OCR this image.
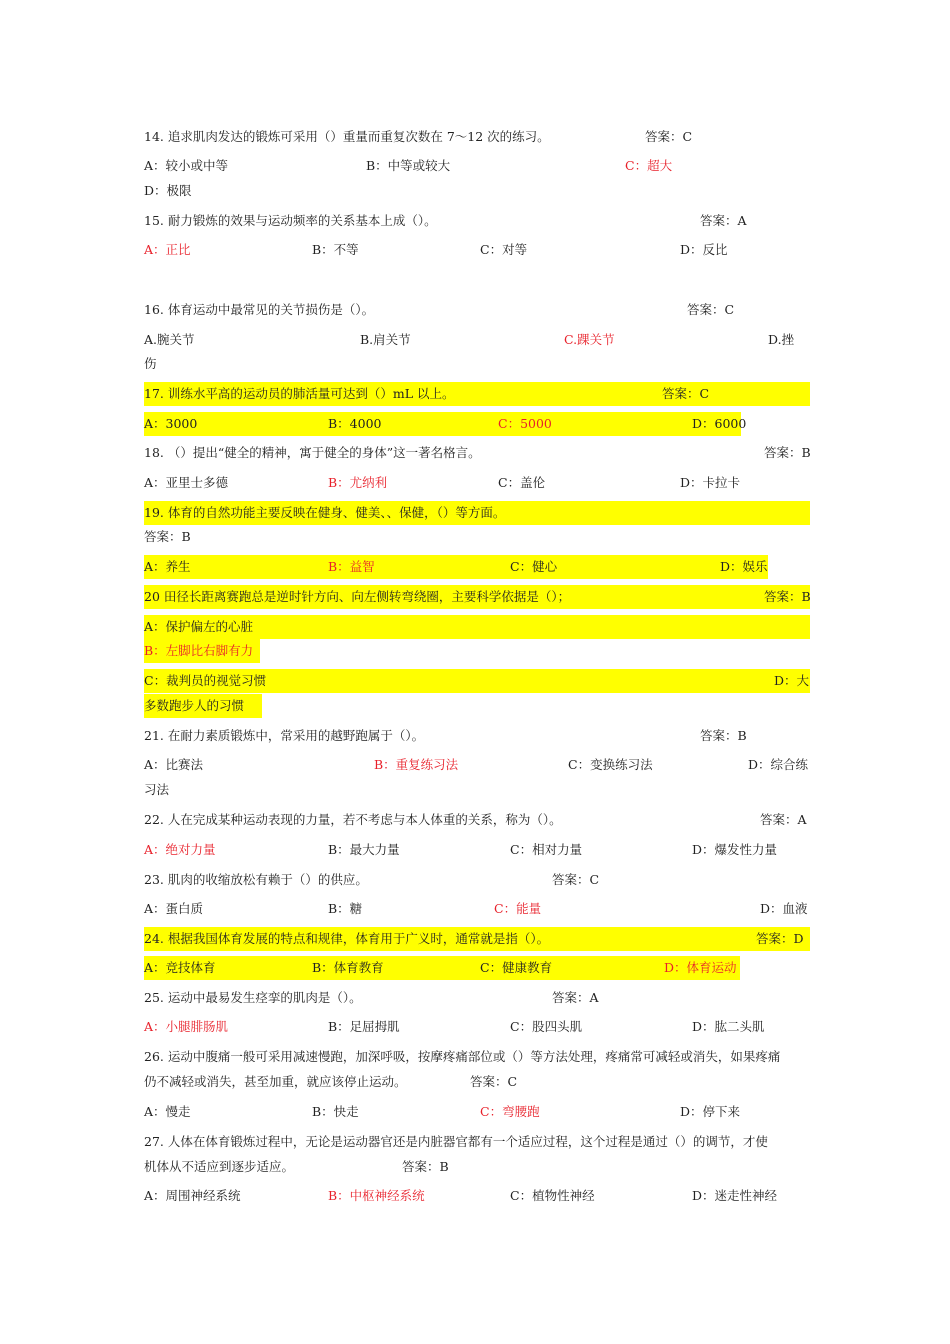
14. 追求肌肉发达的锻炼可采用（）重量而重复次数在 7～12 次的练习。	答案：C
A：较小或中等	B：中等或较大	C：超大
D：极限
15. 耐力锻炼的效果与运动频率的关系基本上成（）。	答案：A
A：正比	B：不等	C：对等	D：反比
16. 体育运动中最常见的关节损伤是（）。	答案：C
A.腕关节	B.肩关节	C.踝关节	D.挫
伤
17. 训练水平高的运动员的肺活量可达到（）mL 以上。	答案：C
A：3000	B：4000	C：5000	D：6000
18. （）提出“健全的精神，寓于健全的身体”这一著名格言。	答案：B
A：亚里士多德	B：尤纳利	C：盖伦	D：卡拉卡
19. 体育的自然功能主要反映在健身、健美、、保健，（）等方面。
答案：B
A：养生	B：益智	C：健心	D：娱乐
20 田径长距离赛跑总是逆时针方向、向左侧转弯绕圈，主要科学依据是（）；	答案：B
A：保护偏左的心脏
B：左脚比右脚有力
C：裁判员的视觉习惯	D：大
多数跑步人的习惯
21. 在耐力素质锻炼中，常采用的越野跑属于（）。	答案：B
A：比赛法	B：重复练习法	C：变换练习法	D：综合练
习法
22. 人在完成某种运动表现的力量，若不考虑与本人体重的关系，称为（）。	答案：A
A：绝对力量	B：最大力量	C：相对力量	D：爆发性力量
23. 肌肉的收缩放松有赖于（）的供应。	答案：C
A：蛋白质	B：糖	C：能量	D：血液
24. 根据我国体育发展的特点和规律，体育用于广义时，通常就是指（）。	答案：D
A：竞技体育	B：体育教育	C：健康教育	D：体育运动
25. 运动中最易发生痉挛的肌肉是（）。	答案：A
A：小腿腓肠肌	B：足屈拇肌	C：股四头肌	D：肱二头肌
26. 运动中腹痛一般可采用减速慢跑，加深呼吸，按摩疼痛部位或（）等方法处理，疼痛常可减轻或消失，如果疼痛
仍不减轻或消失，甚至加重，就应该停止运动。	答案：C
A：慢走	B：快走	C：弯腰跑	D：停下来
27. 人体在体育锻炼过程中，无论是运动器官还是内脏器官都有一个适应过程，这个过程是通过（）的调节，才使
机体从不适应到逐步适应。	答案：B
A：周围神经系统	B：中枢神经系统	C：植物性神经	D：迷走性神经
